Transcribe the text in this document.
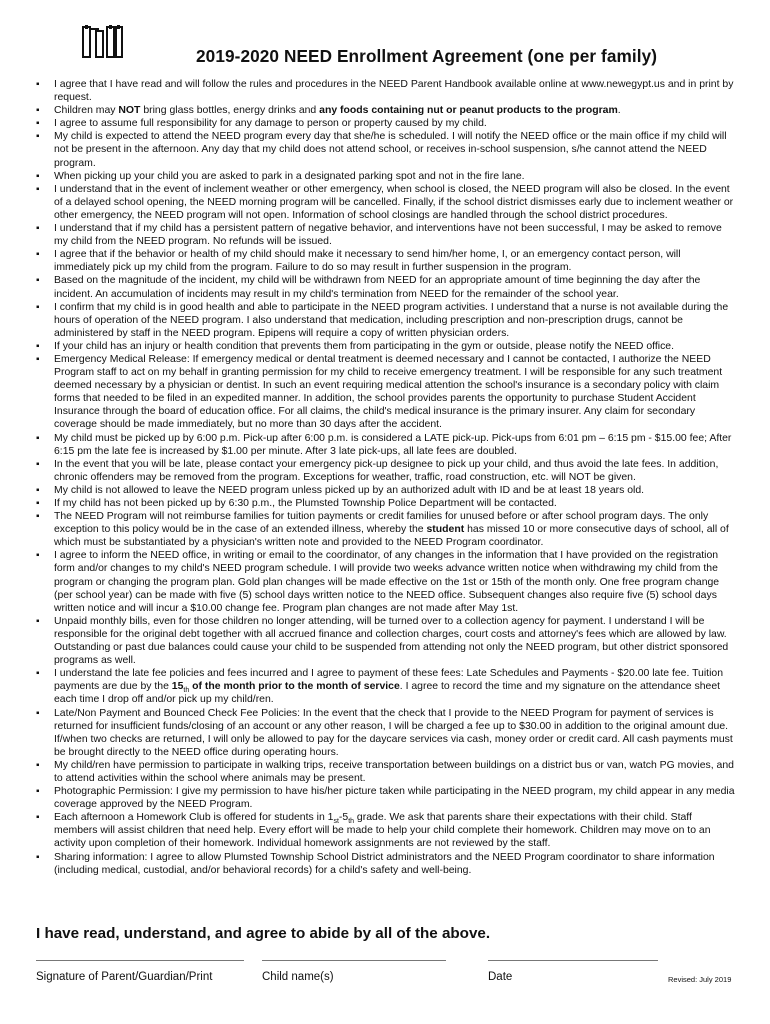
2019-2020 NEED Enrollment Agreement (one per family)
▪ I agree that I have read and will follow the rules and procedures in the NEED Parent Handbook available online at www.newegypt.us and in print by request.
▪ Children may NOT bring glass bottles, energy drinks and any foods containing nut or peanut products to the program.
▪ I agree to assume full responsibility for any damage to person or property caused by my child.
▪ My child is expected to attend the NEED program every day that she/he is scheduled. I will notify the NEED office or the main office if my child will not be present in the afternoon. Any day that my child does not attend school, or receives in-school suspension, s/he cannot attend the NEED program.
▪ When picking up your child you are asked to park in a designated parking spot and not in the fire lane.
▪ I understand that in the event of inclement weather or other emergency, when school is closed, the NEED program will also be closed. In the event of a delayed school opening, the NEED morning program will be cancelled. Finally, if the school district dismisses early due to inclement weather or other emergency, the NEED program will not open. Information of school closings are handled through the school district procedures.
▪ I understand that if my child has a persistent pattern of negative behavior, and interventions have not been successful, I may be asked to remove my child from the NEED program. No refunds will be issued.
▪ I agree that if the behavior or health of my child should make it necessary to send him/her home, I, or an emergency contact person, will immediately pick up my child from the program. Failure to do so may result in further suspension in the program.
▪ Based on the magnitude of the incident, my child will be withdrawn from NEED for an appropriate amount of time beginning the day after the incident. An accumulation of incidents may result in my child's termination from NEED for the remainder of the school year.
▪ I confirm that my child is in good health and able to participate in the NEED program activities. I understand that a nurse is not available during the hours of operation of the NEED program. I also understand that medication, including prescription and non-prescription drugs, cannot be administered by staff in the NEED program. Epipens will require a copy of written physician orders.
▪ If your child has an injury or health condition that prevents them from participating in the gym or outside, please notify the NEED office.
▪ Emergency Medical Release: If emergency medical or dental treatment is deemed necessary and I cannot be contacted, I authorize the NEED Program staff to act on my behalf in granting permission for my child to receive emergency treatment. I will be responsible for any such treatment deemed necessary by a physician or dentist. In such an event requiring medical attention the school's insurance is a secondary policy with claim forms that needed to be filed in an expedited manner. In addition, the school provides parents the opportunity to purchase Student Accident Insurance through the board of education office. For all claims, the child's medical insurance is the primary insurer. Any claim for secondary coverage should be made immediately, but no more than 30 days after the accident.
▪ My child must be picked up by 6:00 p.m. Pick-up after 6:00 p.m. is considered a LATE pick-up. Pick-ups from 6:01 pm – 6:15 pm - $15.00 fee; After 6:15 pm the late fee is increased by $1.00 per minute. After 3 late pick-ups, all late fees are doubled.
▪ In the event that you will be late, please contact your emergency pick-up designee to pick up your child, and thus avoid the late fees. In addition, chronic offenders may be removed from the program. Exceptions for weather, traffic, road construction, etc. will NOT be given.
▪ My child is not allowed to leave the NEED program unless picked up by an authorized adult with ID and be at least 18 years old.
▪ If my child has not been picked up by 6:30 p.m., the Plumsted Township Police Department will be contacted.
▪ The NEED Program will not reimburse families for tuition payments or credit families for unused before or after school program days. The only exception to this policy would be in the case of an extended illness, whereby the student has missed 10 or more consecutive days of school, all of which must be substantiated by a physician's written note and provided to the NEED Program coordinator.
▪ I agree to inform the NEED office, in writing or email to the coordinator, of any changes in the information that I have provided on the registration form and/or changes to my child's NEED program schedule. I will provide two weeks advance written notice when withdrawing my child from the program or changing the program plan. Gold plan changes will be made effective on the 1st or 15th of the month only. One free program change (per school year) can be made with five (5) school days written notice to the NEED office. Subsequent changes also require five (5) school days written notice and will incur a $10.00 change fee. Program plan changes are not made after May 1st.
▪ Unpaid monthly bills, even for those children no longer attending, will be turned over to a collection agency for payment. I understand I will be responsible for the original debt together with all accrued finance and collection charges, court costs and attorney's fees which are allowed by law. Outstanding or past due balances could cause your child to be suspended from attending not only the NEED program, but other district sponsored programs as well.
▪ I understand the late fee policies and fees incurred and I agree to payment of these fees: Late Schedules and Payments - $20.00 late fee. Tuition payments are due by the $15_{th}$ of the month prior to the month of service. I agree to record the time and my signature on the attendance sheet each time I drop off and/or pick up my child/ren.
▪ Late/Non Payment and Bounced Check Fee Policies: In the event that the check that I provide to the NEED Program for payment of services is returned for insufficient funds/closing of an account or any other reason, I will be charged a fee up to $30.00 in addition to the original amount due. If/when two checks are returned, I will only be allowed to pay for the daycare services via cash, money order or credit card. All cash payments must be brought directly to the NEED office during operating hours.
▪ My child/ren have permission to participate in walking trips, receive transportation between buildings on a district bus or van, watch PG movies, and to attend activities within the school where animals may be present.
▪ Photographic Permission: I give my permission to have his/her picture taken while participating in the NEED program, my child appear in any media coverage approved by the NEED Program.
▪ Each afternoon a Homework Club is offered for students in $1_{st}-5_{th}$ grade. We ask that parents share their expectations with their child. Staff members will assist children that need help. Every effort will be made to help your child complete their homework. Children may move on to an activity upon completion of their homework. Individual homework assignments are not reviewed by the staff.
▪ Sharing information: I agree to allow Plumsted Township School District administrators and the NEED Program coordinator to share information (including medical, custodial, and/or behavioral records) for a child's safety and well-being.
I have read, understand, and agree to abide by all of the above.
Signature of Parent/Guardian/Print	Child name(s)	Date	Revised: July 2019
